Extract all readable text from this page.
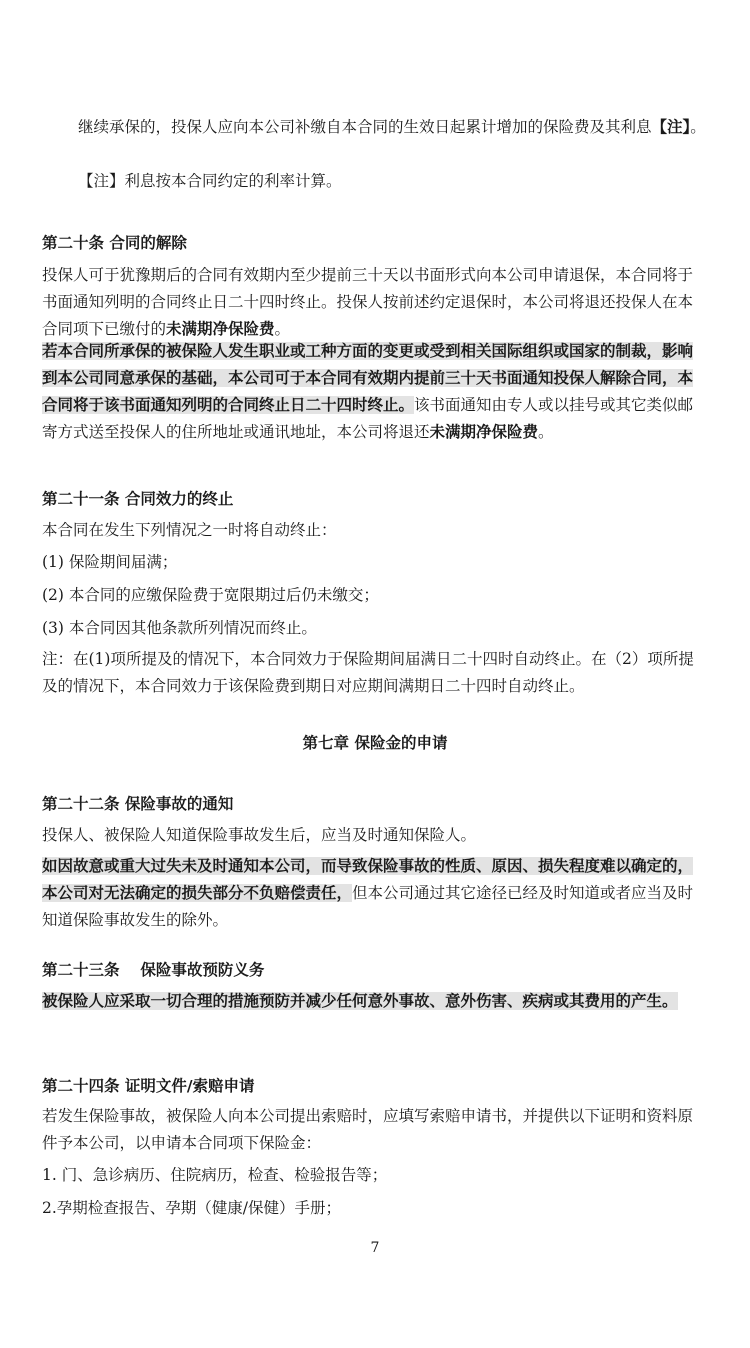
继续承保的，投保人应向本公司补缴自本合同的生效日起累计增加的保险费及其利息【注】。

【注】利息按本合同约定的利率计算。

第二十条 合同的解除

投保人可于犹豫期后的合同有效期内至少提前三十天以书面形式向本公司申请退保，本合同将于书面通知列明的合同终止日二十四时终止。投保人按前述约定退保时，本公司将退还投保人在本合同项下已缴付的未满期净保险费。

若本合同所承保的被保险人发生职业或工种方面的变更或受到相关国际组织或国家的制裁，影响到本公司同意承保的基础，本公司可于本合同有效期内提前三十天书面通知投保人解除合同，本合同将于该书面通知列明的合同终止日二十四时终止。该书面通知由专人或以挂号或其它类似邮寄方式送至投保人的住所地址或通讯地址，本公司将退还未满期净保险费。

第二十一条 合同效力的终止

本合同在发生下列情况之一时将自动终止：

(1) 保险期间届满；

(2) 本合同的应缴保险费于宽限期过后仍未缴交；

(3) 本合同因其他条款所列情况而终止。

注：在(1)项所提及的情况下，本合同效力于保险期间届满日二十四时自动终止。在（2）项所提及的情况下，本合同效力于该保险费到期日对应期间满期日二十四时自动终止。

第七章 保险金的申请

第二十二条 保险事故的通知

投保人、被保险人知道保险事故发生后，应当及时通知保险人。

如因故意或重大过失未及时通知本公司，而导致保险事故的性质、原因、损失程度难以确定的，本公司对无法确定的损失部分不负赔偿责任，但本公司通过其它途径已经及时知道或者应当及时知道保险事故发生的除外。

第二十三条　 保险事故预防义务

被保险人应采取一切合理的措施预防并减少任何意外事故、意外伤害、疾病或其费用的产生。

第二十四条 证明文件/索赔申请

若发生保险事故，被保险人向本公司提出索赔时，应填写索赔申请书，并提供以下证明和资料原件予本公司，以申请本合同项下保险金：

1. 门、急诊病历、住院病历，检查、检验报告等；

2.孕期检查报告、孕期（健康/保健）手册；

7
